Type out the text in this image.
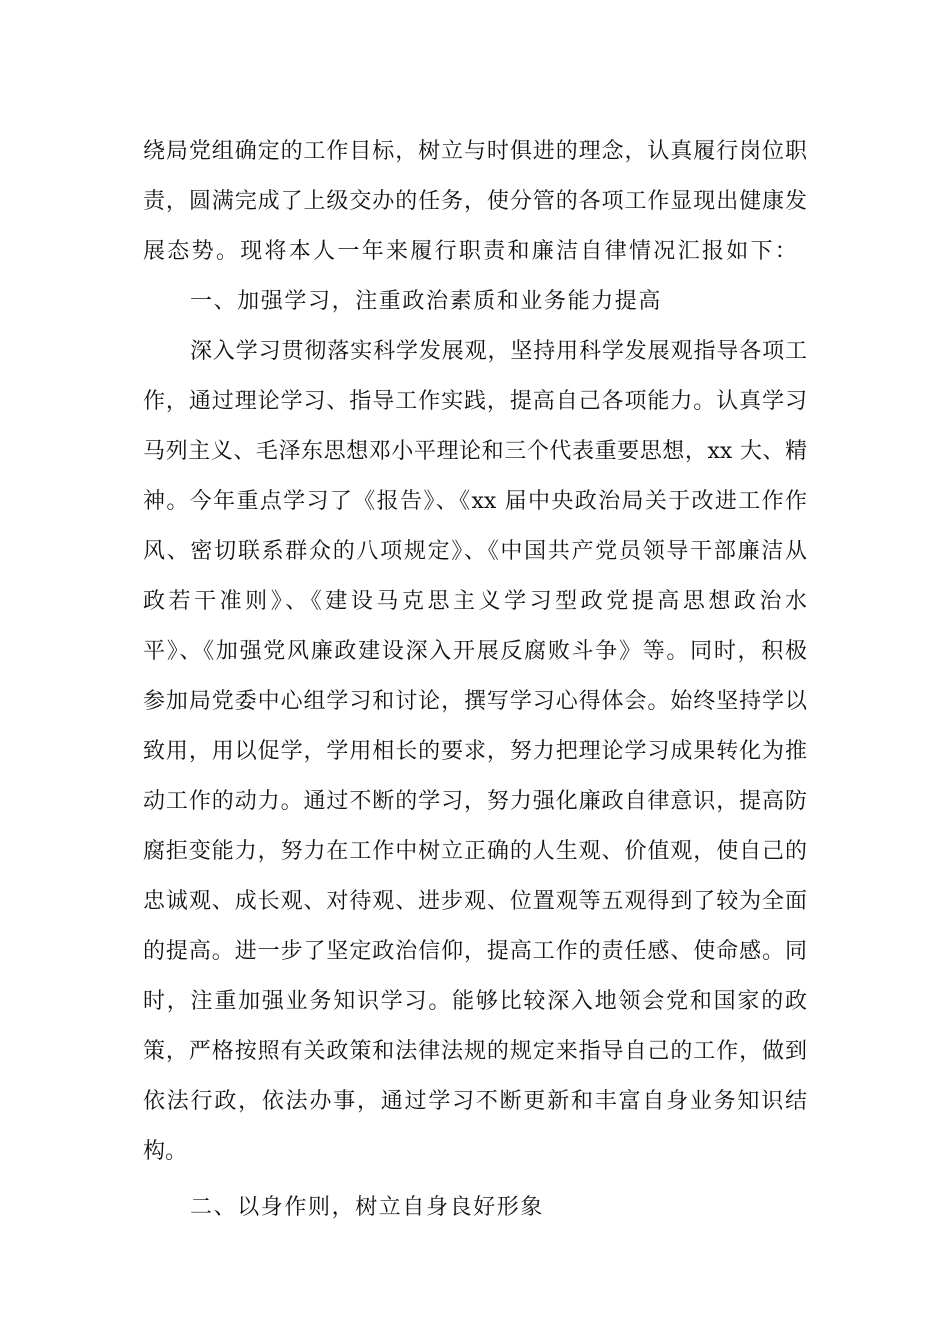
绕局党组确定的工作目标，树立与时俱进的理念，认真履行岗位职
责，圆满完成了上级交办的任务，使分管的各项工作显现出健康发
展态势。现将本人一年来履行职责和廉洁自律情况汇报如下：
一、加强学习，注重政治素质和业务能力提高
深入学习贯彻落实科学发展观，坚持用科学发展观指导各项工
作，通过理论学习、指导工作实践，提高自己各项能力。认真学习
马列主义、毛泽东思想邓小平理论和三个代表重要思想，xx 大、精
神。今年重点学习了《报告》、《xx 届中央政治局关于改进工作作
风、密切联系群众的八项规定》、《中国共产党员领导干部廉洁从
政若干准则》、《建设马克思主义学习型政党提高思想政治水
平》、《加强党风廉政建设深入开展反腐败斗争》等。同时，积极
参加局党委中心组学习和讨论，撰写学习心得体会。始终坚持学以
致用，用以促学，学用相长的要求，努力把理论学习成果转化为推
动工作的动力。通过不断的学习，努力强化廉政自律意识，提高防
腐拒变能力，努力在工作中树立正确的人生观、价值观，使自己的
忠诚观、成长观、对待观、进步观、位置观等五观得到了较为全面
的提高。进一步了坚定政治信仰，提高工作的责任感、使命感。同
时，注重加强业务知识学习。能够比较深入地领会党和国家的政
策，严格按照有关政策和法律法规的规定来指导自己的工作，做到
依法行政，依法办事，通过学习不断更新和丰富自身业务知识结
构。
二、以身作则，树立自身良好形象
